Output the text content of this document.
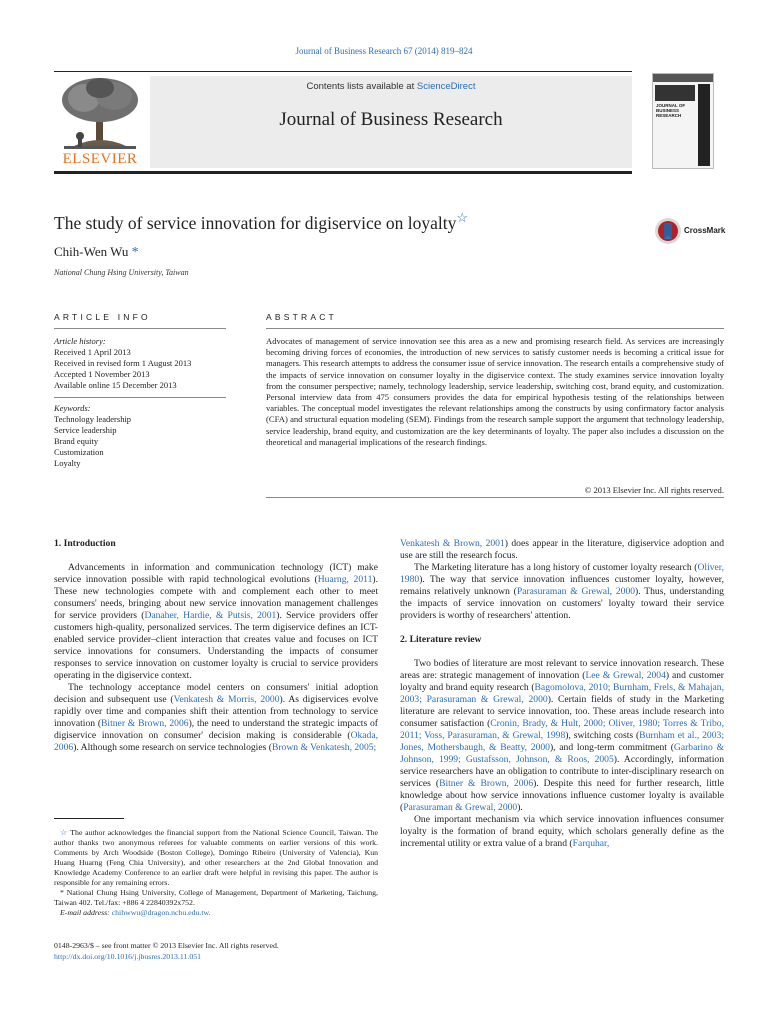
Journal of Business Research 67 (2014) 819–824
ELSEVIER
Contents lists available at ScienceDirect
Journal of Business Research
JOURNAL OF BUSINESS RESEARCH
The study of service innovation for digiservice on loyalty☆
CrossMark
Chih-Wen Wu *
National Chung Hsing University, Taiwan
ARTICLE INFO
Article history:
Received 1 April 2013
Received in revised form 1 August 2013
Accepted 1 November 2013
Available online 15 December 2013
Keywords:
Technology leadership
Service leadership
Brand equity
Customization
Loyalty
ABSTRACT
Advocates of management of service innovation see this area as a new and promising research field. As services are increasingly becoming driving forces of economies, the introduction of new services to satisfy customer needs is becoming a critical issue for managers. This research attempts to address the consumer issue of service innovation. The research entails a comprehensive study of the impacts of service innovation on consumer loyalty in the digiservice context. The study examines service innovation loyalty from the consumer perspective; namely, technology leadership, service leadership, switching cost, brand equity, and customization. Personal interview data from 475 consumers provides the data for empirical hypothesis testing of the relationships between variables. The conceptual model investigates the relevant relationships among the constructs by using confirmatory factor analysis (CFA) and structural equation modeling (SEM). Findings from the research sample support the argument that technology leadership, service leadership, brand equity, and customization are the key determinants of loyalty. The paper also includes a discussion on the theoretical and managerial implications of the research findings.
© 2013 Elsevier Inc. All rights reserved.
1. Introduction

Advancements in information and communication technology (ICT) make service innovation possible with rapid technological evolutions (Huarng, 2011). These new technologies compete with and complement each other to meet consumers' needs, bringing about new service innovation management challenges for service providers (Danaher, Hardie, & Putsis, 2001). Service providers offer customers high-quality, personalized services. The term digiservice defines an ICT-enabled service provider–client interaction that creates value and focuses on ICT service innovations for consumers. Understanding the impacts of consumer responses to service innovation on customer loyalty is crucial to service providers operating in the digiservice context.

The technology acceptance model centers on consumers' initial adoption decision and subsequent use (Venkatesh & Morris, 2000). As digiservices evolve rapidly over time and companies shift their attention from technology to service innovation (Bitner & Brown, 2006), the need to understand the strategic impacts of digiservice innovation on consumer' decision making is considerable (Okada, 2006). Although some research on service technologies (Brown & Venkatesh, 2005;

Venkatesh & Brown, 2001) does appear in the literature, digiservice adoption and use are still the research focus.

The Marketing literature has a long history of customer loyalty research (Oliver, 1980). The way that service innovation influences customer loyalty, however, remains relatively unknown (Parasuraman & Grewal, 2000). Thus, understanding the impacts of service innovation on customers' loyalty toward their service providers is worthy of researchers' attention.

2. Literature review

Two bodies of literature are most relevant to service innovation research. These areas are: strategic management of innovation (Lee & Grewal, 2004) and customer loyalty and brand equity research (Bagomolova, 2010; Burnham, Frels, & Mahajan, 2003; Parasuraman & Grewal, 2000). Certain fields of study in the Marketing literature are relevant to service innovation, too. These areas include research into consumer satisfaction (Cronin, Brady, & Hult, 2000; Oliver, 1980; Torres & Tribo, 2011; Voss, Parasuraman, & Grewal, 1998), switching costs (Burnham et al., 2003; Jones, Mothersbaugh, & Beatty, 2000), and long-term commitment (Garbarino & Johnson, 1999; Gustafsson, Johnson, & Roos, 2005). Accordingly, information service researchers have an obligation to contribute to inter-disciplinary research on services (Bitner & Brown, 2006). Despite this need for further research, little knowledge about how service innovations influence customer loyalty is available (Parasuraman & Grewal, 2000).

One important mechanism via which service innovation influences consumer loyalty is the formation of brand equity, which scholars generally define as the incremental utility or extra value of a brand (Farquhar,

☆ The author acknowledges the financial support from the National Science Council, Taiwan. The author thanks two anonymous referees for valuable comments on earlier versions of this work. Comments by Arch Woodside (Boston College), Domingo Ribeiro (University of Valencia), Kun Huang Huarng (Feng Chia University), and other researchers at the 2nd Global Innovation and Knowledge Academy Conference to an earlier draft were helpful in revising this paper. The author is responsible for any remaining errors.

* National Chung Hsing University, College of Management, Department of Marketing, Taichung, Taiwan 402. Tel./fax: +886 4 22840392x752.

E-mail address: chihwwu@dragon.nchu.edu.tw.

0148-2963/$ – see front matter © 2013 Elsevier Inc. All rights reserved.
http://dx.doi.org/10.1016/j.jbusres.2013.11.051
